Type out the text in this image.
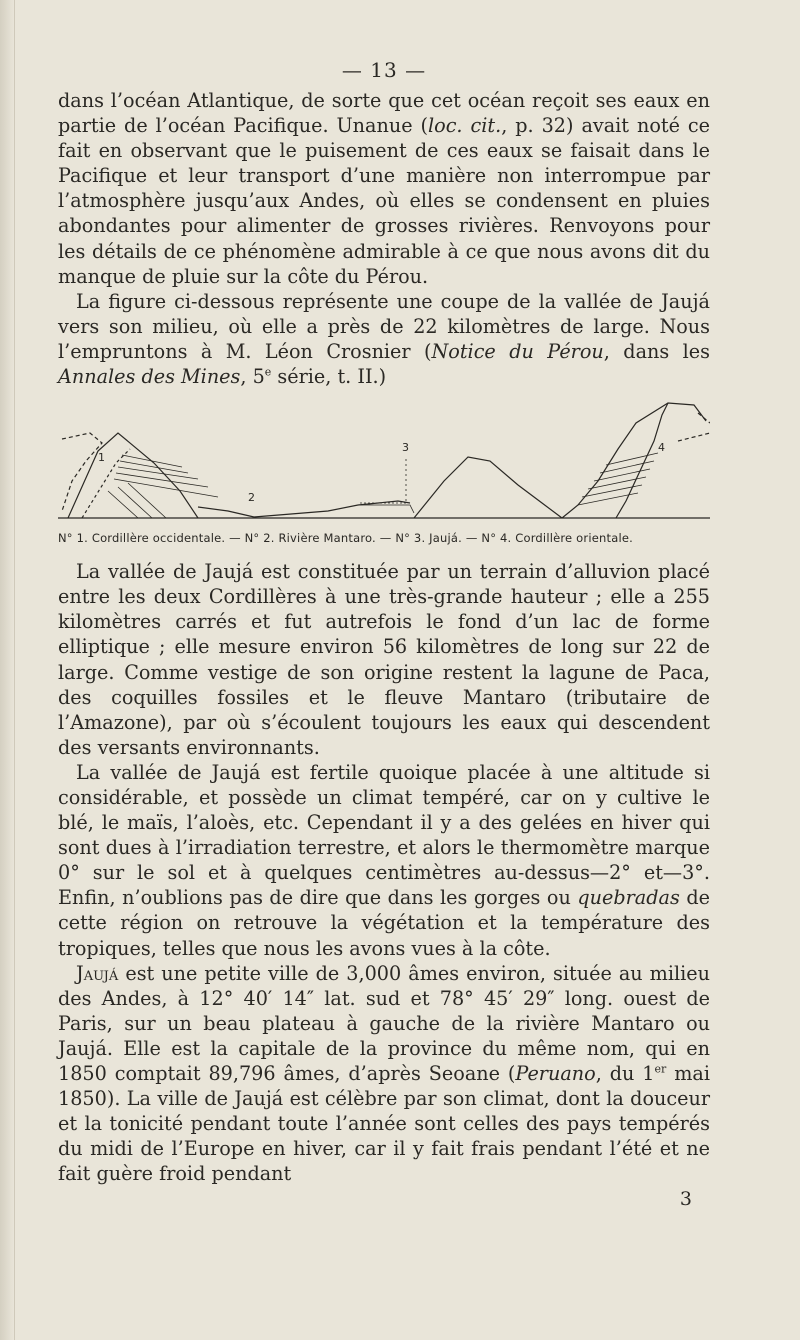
— 13 —

dans l’océan Atlantique, de sorte que cet océan reçoit ses eaux en partie de l’océan Pacifique. Unanue (loc. cit., p. 32) avait noté ce fait en observant que le puisement de ces eaux se faisait dans le Pacifique et leur transport d’une manière non interrompue par l’atmosphère jusqu’aux Andes, où elles se condensent en pluies abondantes pour alimenter de grosses rivières. Renvoyons pour les détails de ce phénomène admirable à ce que nous avons dit du manque de pluie sur la côte du Pérou.

La figure ci-dessous représente une coupe de la vallée de Jaujá vers son milieu, où elle a près de 22 kilomètres de large. Nous l’empruntons à M. Léon Crosnier (Notice du Pérou, dans les Annales des Mines, 5e série, t. II.)

1
2
3	4
N° 1. Cordillère occidentale. — N° 2. Rivière Mantaro. — N° 3. Jaujá. — N° 4. Cordillère orientale.

La vallée de Jaujá est constituée par un terrain d’alluvion placé entre les deux Cordillères à une très-grande hauteur ; elle a 255 kilomètres carrés et fut autrefois le fond d’un lac de forme elliptique ; elle mesure environ 56 kilomètres de long sur 22 de large. Comme vestige de son origine restent la lagune de Paca, des coquilles fossiles et le fleuve Mantaro (tributaire de l’Amazone), par où s’écoulent toujours les eaux qui descendent des versants environnants.

La vallée de Jaujá est fertile quoique placée à une altitude si considérable, et possède un climat tempéré, car on y cultive le blé, le maïs, l’aloès, etc. Cependant il y a des gelées en hiver qui sont dues à l’irradiation terrestre, et alors le thermomètre marque 0° sur le sol et à quelques centimètres au-dessus—2° et—3°. Enfin, n’oublions pas de dire que dans les gorges ou quebradas de cette région on retrouve la végétation et la température des tropiques, telles que nous les avons vues à la côte.

Jaujá est une petite ville de 3,000 âmes environ, située au milieu des Andes, à 12° 40′ 14″ lat. sud et 78° 45′ 29″ long. ouest de Paris, sur un beau plateau à gauche de la rivière Mantaro ou Jaujá. Elle est la capitale de la province du même nom, qui en 1850 comptait 89,796 âmes, d’après Seoane (Peruano, du 1er mai 1850). La ville de Jaujá est célèbre par son climat, dont la douceur et la tonicité pendant toute l’année sont celles des pays tempérés du midi de l’Europe en hiver, car il y fait frais pendant l’été et ne fait guère froid pendant

3
